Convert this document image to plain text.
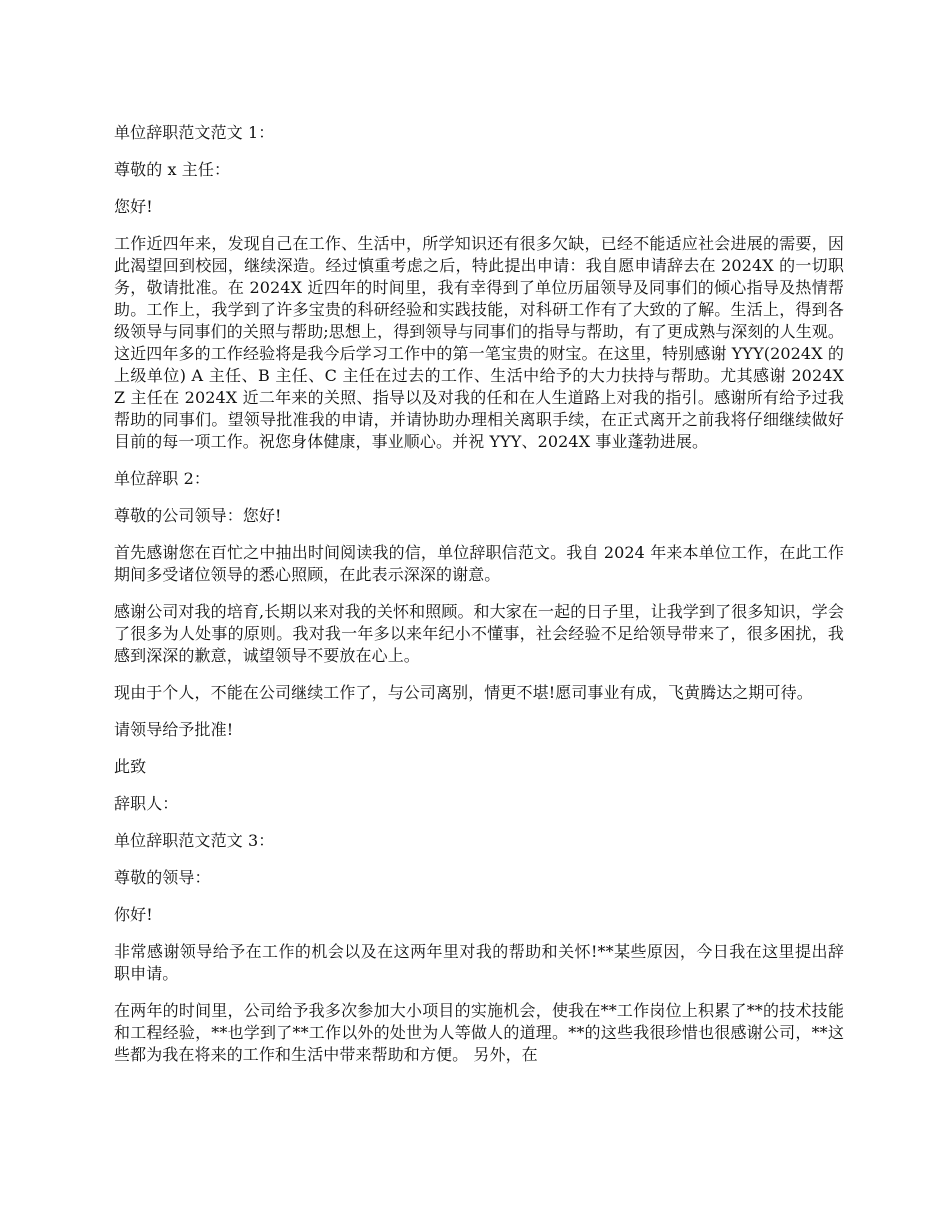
单位辞职范文范文 1：

尊敬的 x 主任：

您好!

工作近四年来，发现自己在工作、生活中，所学知识还有很多欠缺，已经不能适应社会进展的需要，因此渴望回到校园，继续深造。经过慎重考虑之后，特此提出申请：我自愿申请辞去在 2024X 的一切职务，敬请批准。在 2024X 近四年的时间里，我有幸得到了单位历届领导及同事们的倾心指导及热情帮助。工作上，我学到了许多宝贵的科研经验和实践技能，对科研工作有了大致的了解。生活上，得到各级领导与同事们的关照与帮助;思想上，得到领导与同事们的指导与帮助，有了更成熟与深刻的人生观。这近四年多的工作经验将是我今后学习工作中的第一笔宝贵的财宝。在这里，特别感谢 YYY(2024X 的上级单位) A 主任、B 主任、C 主任在过去的工作、生活中给予的大力扶持与帮助。尤其感谢 2024X Z 主任在 2024X 近二年来的关照、指导以及对我的任和在人生道路上对我的指引。感谢所有给予过我帮助的同事们。望领导批准我的申请，并请协助办理相关离职手续，在正式离开之前我将仔细继续做好目前的每一项工作。祝您身体健康，事业顺心。并祝 YYY、2024X 事业蓬勃进展。

单位辞职 2：

尊敬的公司领导：您好!

首先感谢您在百忙之中抽出时间阅读我的信，单位辞职信范文。我自 2024 年来本单位工作，在此工作期间多受诸位领导的悉心照顾，在此表示深深的谢意。

感谢公司对我的培育,长期以来对我的关怀和照顾。和大家在一起的日子里，让我学到了很多知识，学会了很多为人处事的原则。我对我一年多以来年纪小不懂事，社会经验不足给领导带来了，很多困扰，我感到深深的歉意，诚望领导不要放在心上。

现由于个人，不能在公司继续工作了，与公司离别，情更不堪!愿司事业有成，飞黄腾达之期可待。

请领导给予批准!

此致

辞职人：

单位辞职范文范文 3：

尊敬的领导：

你好!

非常感谢领导给予在工作的机会以及在这两年里对我的帮助和关怀!**某些原因，今日我在这里提出辞职申请。

在两年的时间里，公司给予我多次参加大小项目的实施机会，使我在**工作岗位上积累了**的技术技能和工程经验，**也学到了**工作以外的处世为人等做人的道理。**的这些我很珍惜也很感谢公司，**这些都为我在将来的工作和生活中带来帮助和方便。 另外，在
